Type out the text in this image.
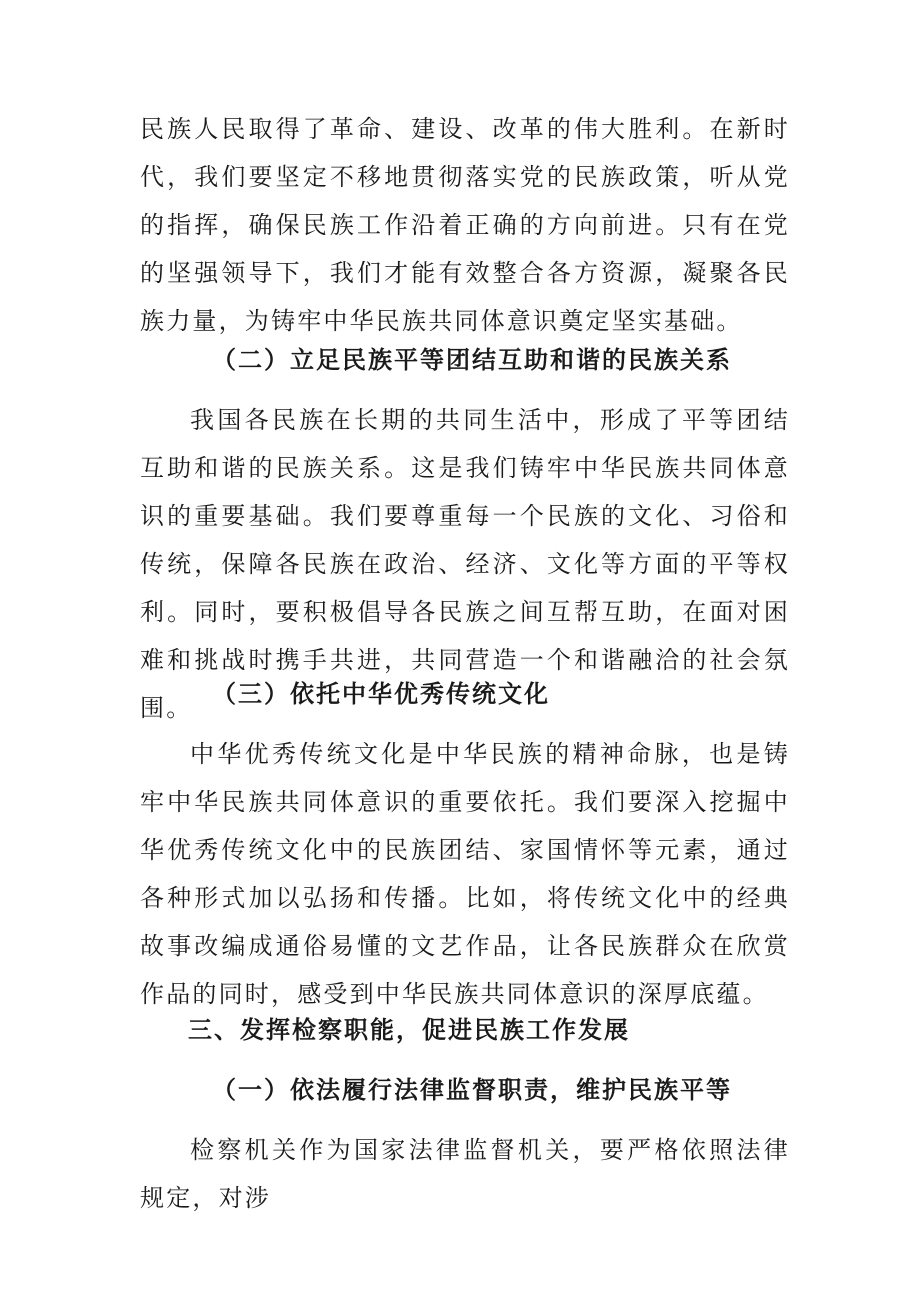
民族人民取得了革命、建设、改革的伟大胜利。在新时代，我们要坚定不移地贯彻落实党的民族政策，听从党的指挥，确保民族工作沿着正确的方向前进。只有在党的坚强领导下，我们才能有效整合各方资源，凝聚各民族力量，为铸牢中华民族共同体意识奠定坚实基础。

（二）立足民族平等团结互助和谐的民族关系

我国各民族在长期的共同生活中，形成了平等团结互助和谐的民族关系。这是我们铸牢中华民族共同体意识的重要基础。我们要尊重每一个民族的文化、习俗和传统，保障各民族在政治、经济、文化等方面的平等权利。同时，要积极倡导各民族之间互帮互助，在面对困难和挑战时携手共进，共同营造一个和谐融洽的社会氛围。 （三）依托中华优秀传统文化

中华优秀传统文化是中华民族的精神命脉，也是铸牢中华民族共同体意识的重要依托。我们要深入挖掘中华优秀传统文化中的民族团结、家国情怀等元素，通过各种形式加以弘扬和传播。比如，将传统文化中的经典故事改编成通俗易懂的文艺作品，让各民族群众在欣赏作品的同时，感受到中华民族共同体意识的深厚底蕴。

三、发挥检察职能，促进民族工作发展
（一）依法履行法律监督职责，维护民族平等

检察机关作为国家法律监督机关，要严格依照法律规定，对涉
